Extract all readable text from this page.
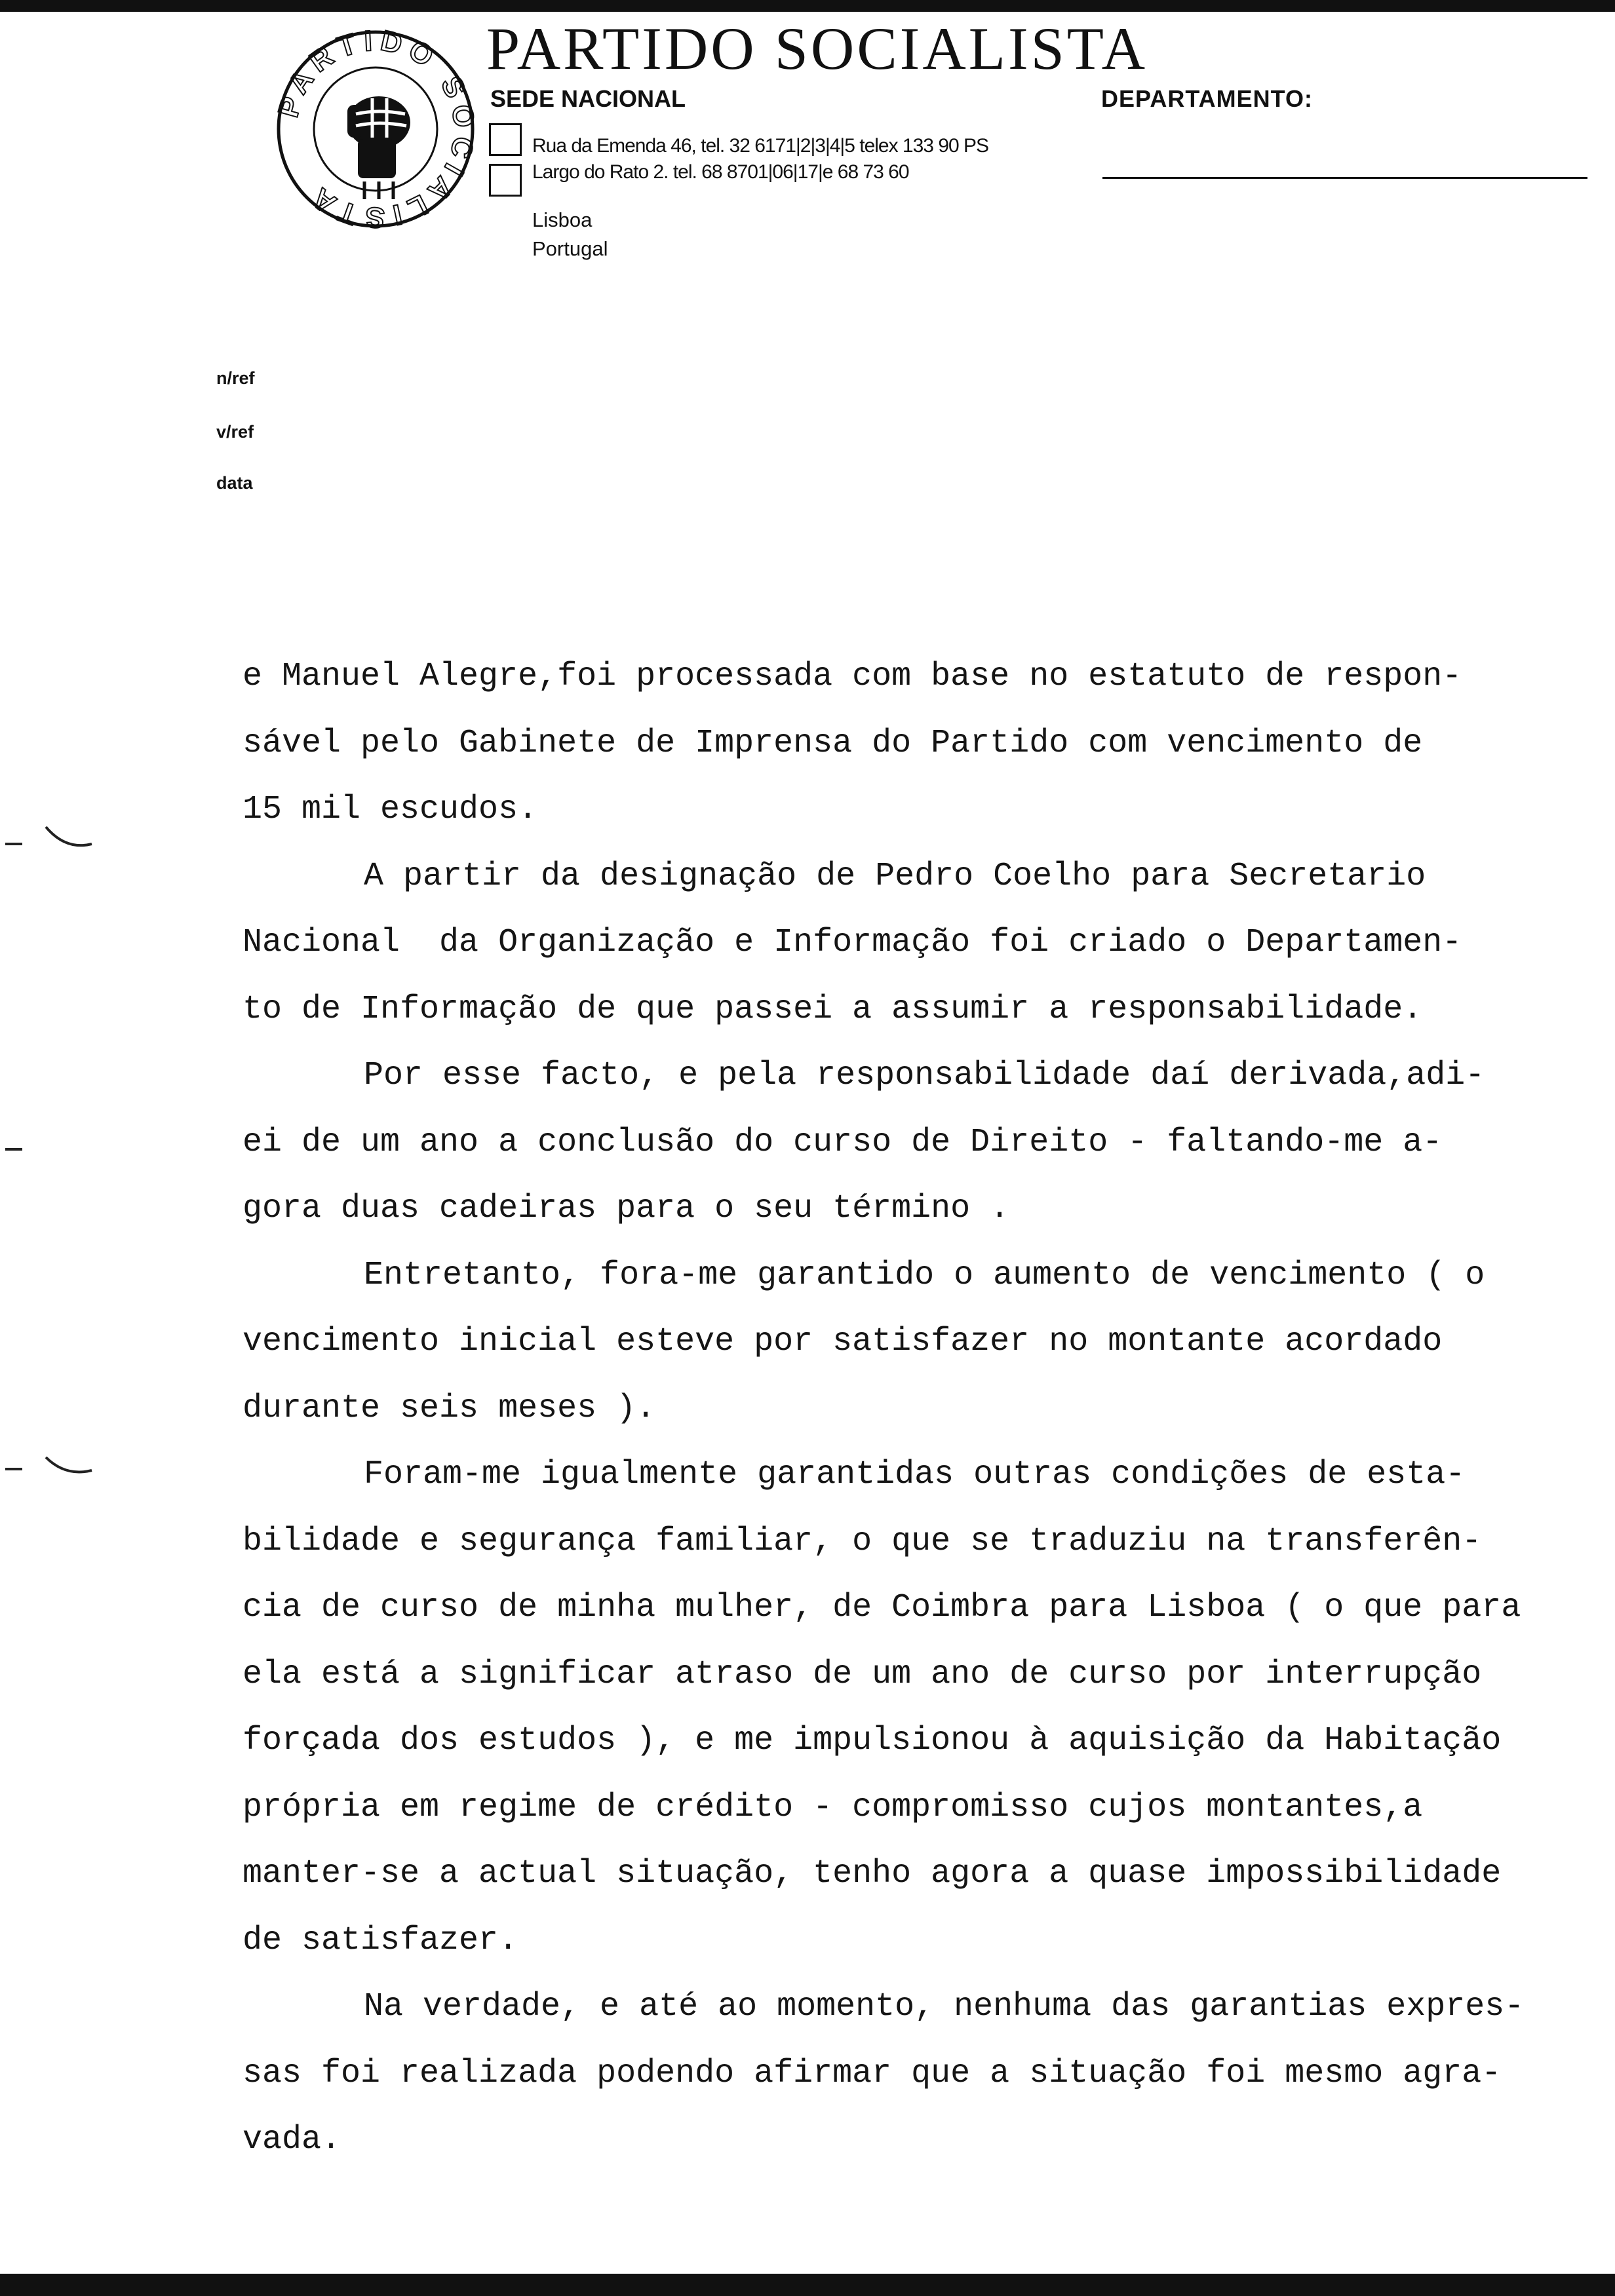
PARTIDO S CIALISTA
PARTIDO SOCIALISTA
SEDE NACIONAL	DEPARTAMENTO:
Rua da Emenda 46, tel. 32 6171|2|3|4|5 telex 133 90 PS
Largo do Rato 2. tel. 68 8701|06|17|e 68 73 60
Lisboa
Portugal
n/ref
v/ref
data
e Manuel Alegre,foi processada com base no estatuto de respon-
sável pelo Gabinete de Imprensa do Partido com vencimento de
15 mil escudos.
A partir da designação de Pedro Coelho para Secretario
Nacional  da Organização e Informação foi criado o Departamen-
to de Informação de que passei a assumir a responsabilidade.
Por esse facto, e pela responsabilidade daí derivada,adi-
ei de um ano a conclusão do curso de Direito - faltando-me a-
gora duas cadeiras para o seu término .
Entretanto, fora-me garantido o aumento de vencimento ( o
vencimento inicial esteve por satisfazer no montante acordado
durante seis meses ).
Foram-me igualmente garantidas outras condições de esta-
bilidade e segurança familiar, o que se traduziu na transferên-
cia de curso de minha mulher, de Coimbra para Lisboa ( o que para
ela está a significar atraso de um ano de curso por interrupção
forçada dos estudos ), e me impulsionou à aquisição da Habitação
própria em regime de crédito - compromisso cujos montantes,a
manter-se a actual situação, tenho agora a quase impossibilidade
de satisfazer.
Na verdade, e até ao momento, nenhuma das garantias expres-
sas foi realizada podendo afirmar que a situação foi mesmo agra-
vada.
